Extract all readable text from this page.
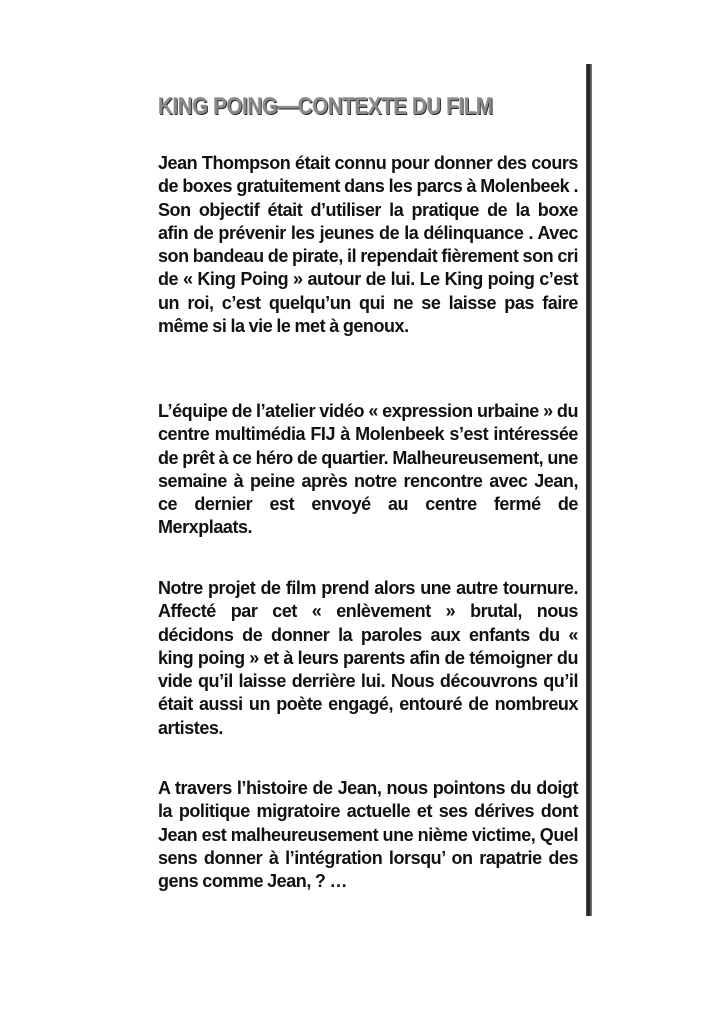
KING POING—CONTEXTE DU FILM

Jean Thompson était connu pour donner des cours de boxes gratuitement dans les parcs à Molenbeek . Son objectif était d’utiliser la pratique de la boxe afin de prévenir les jeunes de la délinquance . Avec son bandeau de pirate, il rependait fièrement son cri de « King Poing » autour de lui. Le King poing c’est un roi, c’est quelqu’un qui ne se laisse pas faire même si la vie le met à genoux.

L’équipe de l’atelier vidéo « expression urbaine » du centre multimédia FIJ à Molenbeek s’est intéressée de prêt à ce héro de quartier. Malheureusement, une semaine à peine après notre rencontre avec Jean, ce dernier est envoyé au centre fermé de Merxplaats.

Notre projet de film prend alors une autre tournure. Affecté par cet « enlèvement » brutal, nous décidons de donner la paroles aux enfants du « king poing » et à leurs parents afin de témoigner du vide qu’il laisse derrière lui. Nous découvrons qu’il était aussi un poète engagé, entouré de nombreux artistes.

A travers l’histoire de Jean, nous pointons du doigt la politique migratoire actuelle et ses dérives dont Jean est malheureusement une nième victime, Quel sens donner à l’intégration lorsqu’ on rapatrie des gens comme Jean, ? …
